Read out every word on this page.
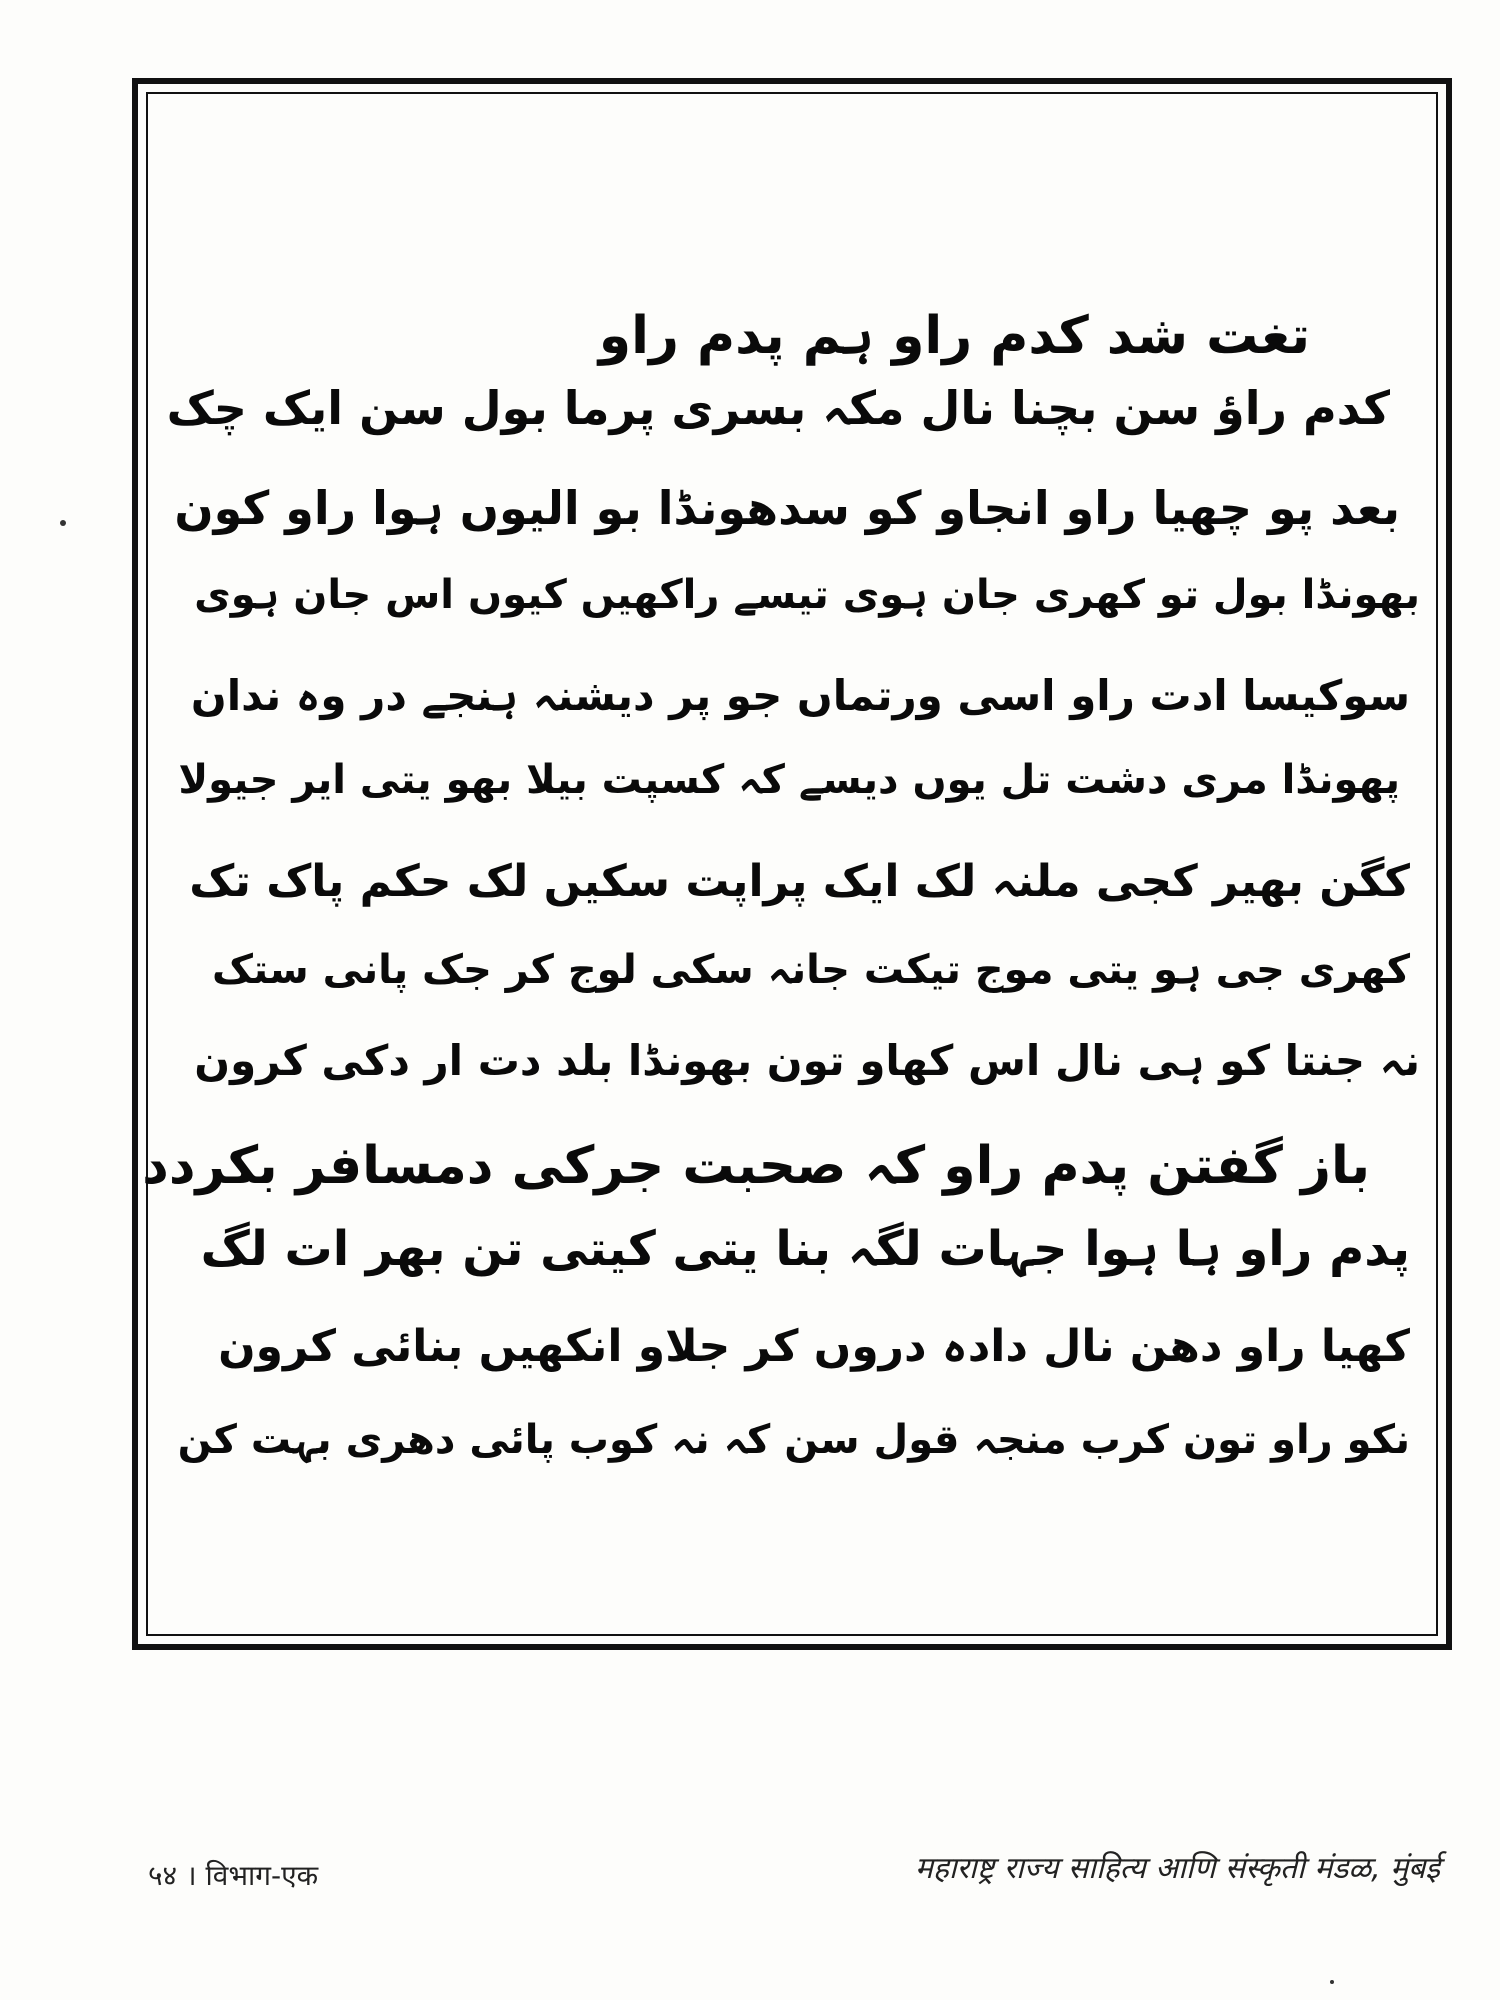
تغت شد کدم راو ہم پدم راو
کدم راؤ سن بچنا نال مکہ بسری پرما بول سن ایک چک
بعد پو چھیا راو انجاو کو سدھونڈا بو الیوں ہوا راو کون
بھونڈا بول تو کھری جان ہوی تیسے راکھیں کیوں اس جان ہوی
سوکیسا ادت راو اسی ورتماں جو پر دیشنہ ہنجے در وہ ندان
پھونڈا مری دشت تل یوں دیسے کہ کسپت بیلا بھو یتی ایر جیولا
کگن بھیر کجی ملنہ لک ایک پراپت سکیں لک حکم پاک تک
کھری جی ہو یتی موج تیکت جانہ سکی لوج کر جک پانی ستک
نہ جنتا کو ہی نال اس کھاو تون بھونڈا بلد دت ار دکی کرون
باز گفتن پدم راو کہ صحبت جرکی دمسافر بکردد
پدم راو ہا ہوا جہات لگہ بنا یتی کیتی تن بھر ات لگ
کھیا راو دھن نال دادہ دروں کر جلاو انکھیں بنائی کرون
نکو راو تون کرب منجہ قول سن کہ نہ کوب پائی دھری بہت کن
५४ । विभाग-एक	महाराष्ट्र राज्य साहित्य आणि संस्कृती मंडळ, मुंबई
